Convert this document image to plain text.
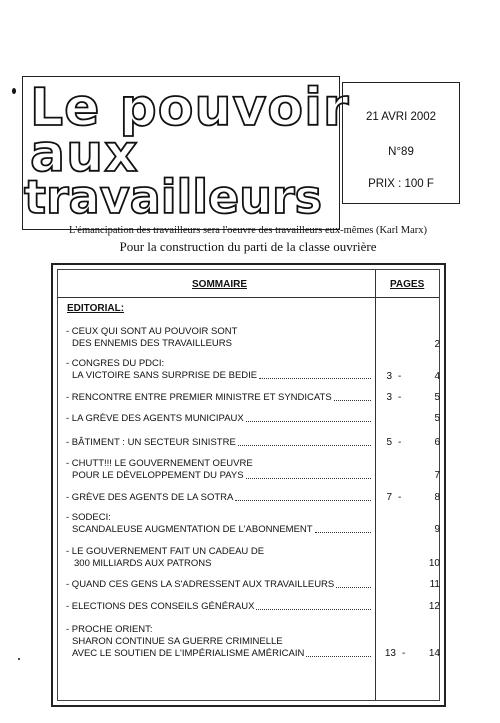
Le pouvoir
aux
travailleurs
21 AVRI 2002
N°89
PRIX : 100 F
L'émancipation des travailleurs sera l'oeuvre des travailleurs eux-mêmes (Karl Marx)
Pour la construction du parti de la classe ouvrière
SOMMAIRE	PAGES
EDITORIAL:
- CEUX QUI SONT AU POUVOIR SONT
DES ENNEMIS DES TRAVAILLEURS	2
- CONGRES DU PDCI:
LA VICTOIRE SANS SURPRISE DE BEDIE	3 -	4
- RENCONTRE ENTRE PREMIER MINISTRE ET SYNDICATS	3 -	5
- LA GRÈVE DES AGENTS MUNICIPAUX	5
- BÂTIMENT : UN SECTEUR SINISTRE	5 -	6
- CHUTT!!! LE GOUVERNEMENT OEUVRE
POUR LE DÉVELOPPEMENT DU PAYS	7
- GRÈVE DES AGENTS DE LA SOTRA	7 -	8
- SODECI:
SCANDALEUSE AUGMENTATION DE L'ABONNEMENT	9
- LE GOUVERNEMENT FAIT UN CADEAU DE
300 MILLIARDS AUX PATRONS	10
- QUAND CES GENS LA S'ADRESSENT AUX TRAVAILLEURS	11
- ELECTIONS DES CONSEILS GÉNÉRAUX	12
- PROCHE ORIENT:
SHARON CONTINUE SA GUERRE CRIMINELLE
AVEC LE SOUTIEN DE L'IMPÉRIALISME AMÉRICAIN	13 -	14
